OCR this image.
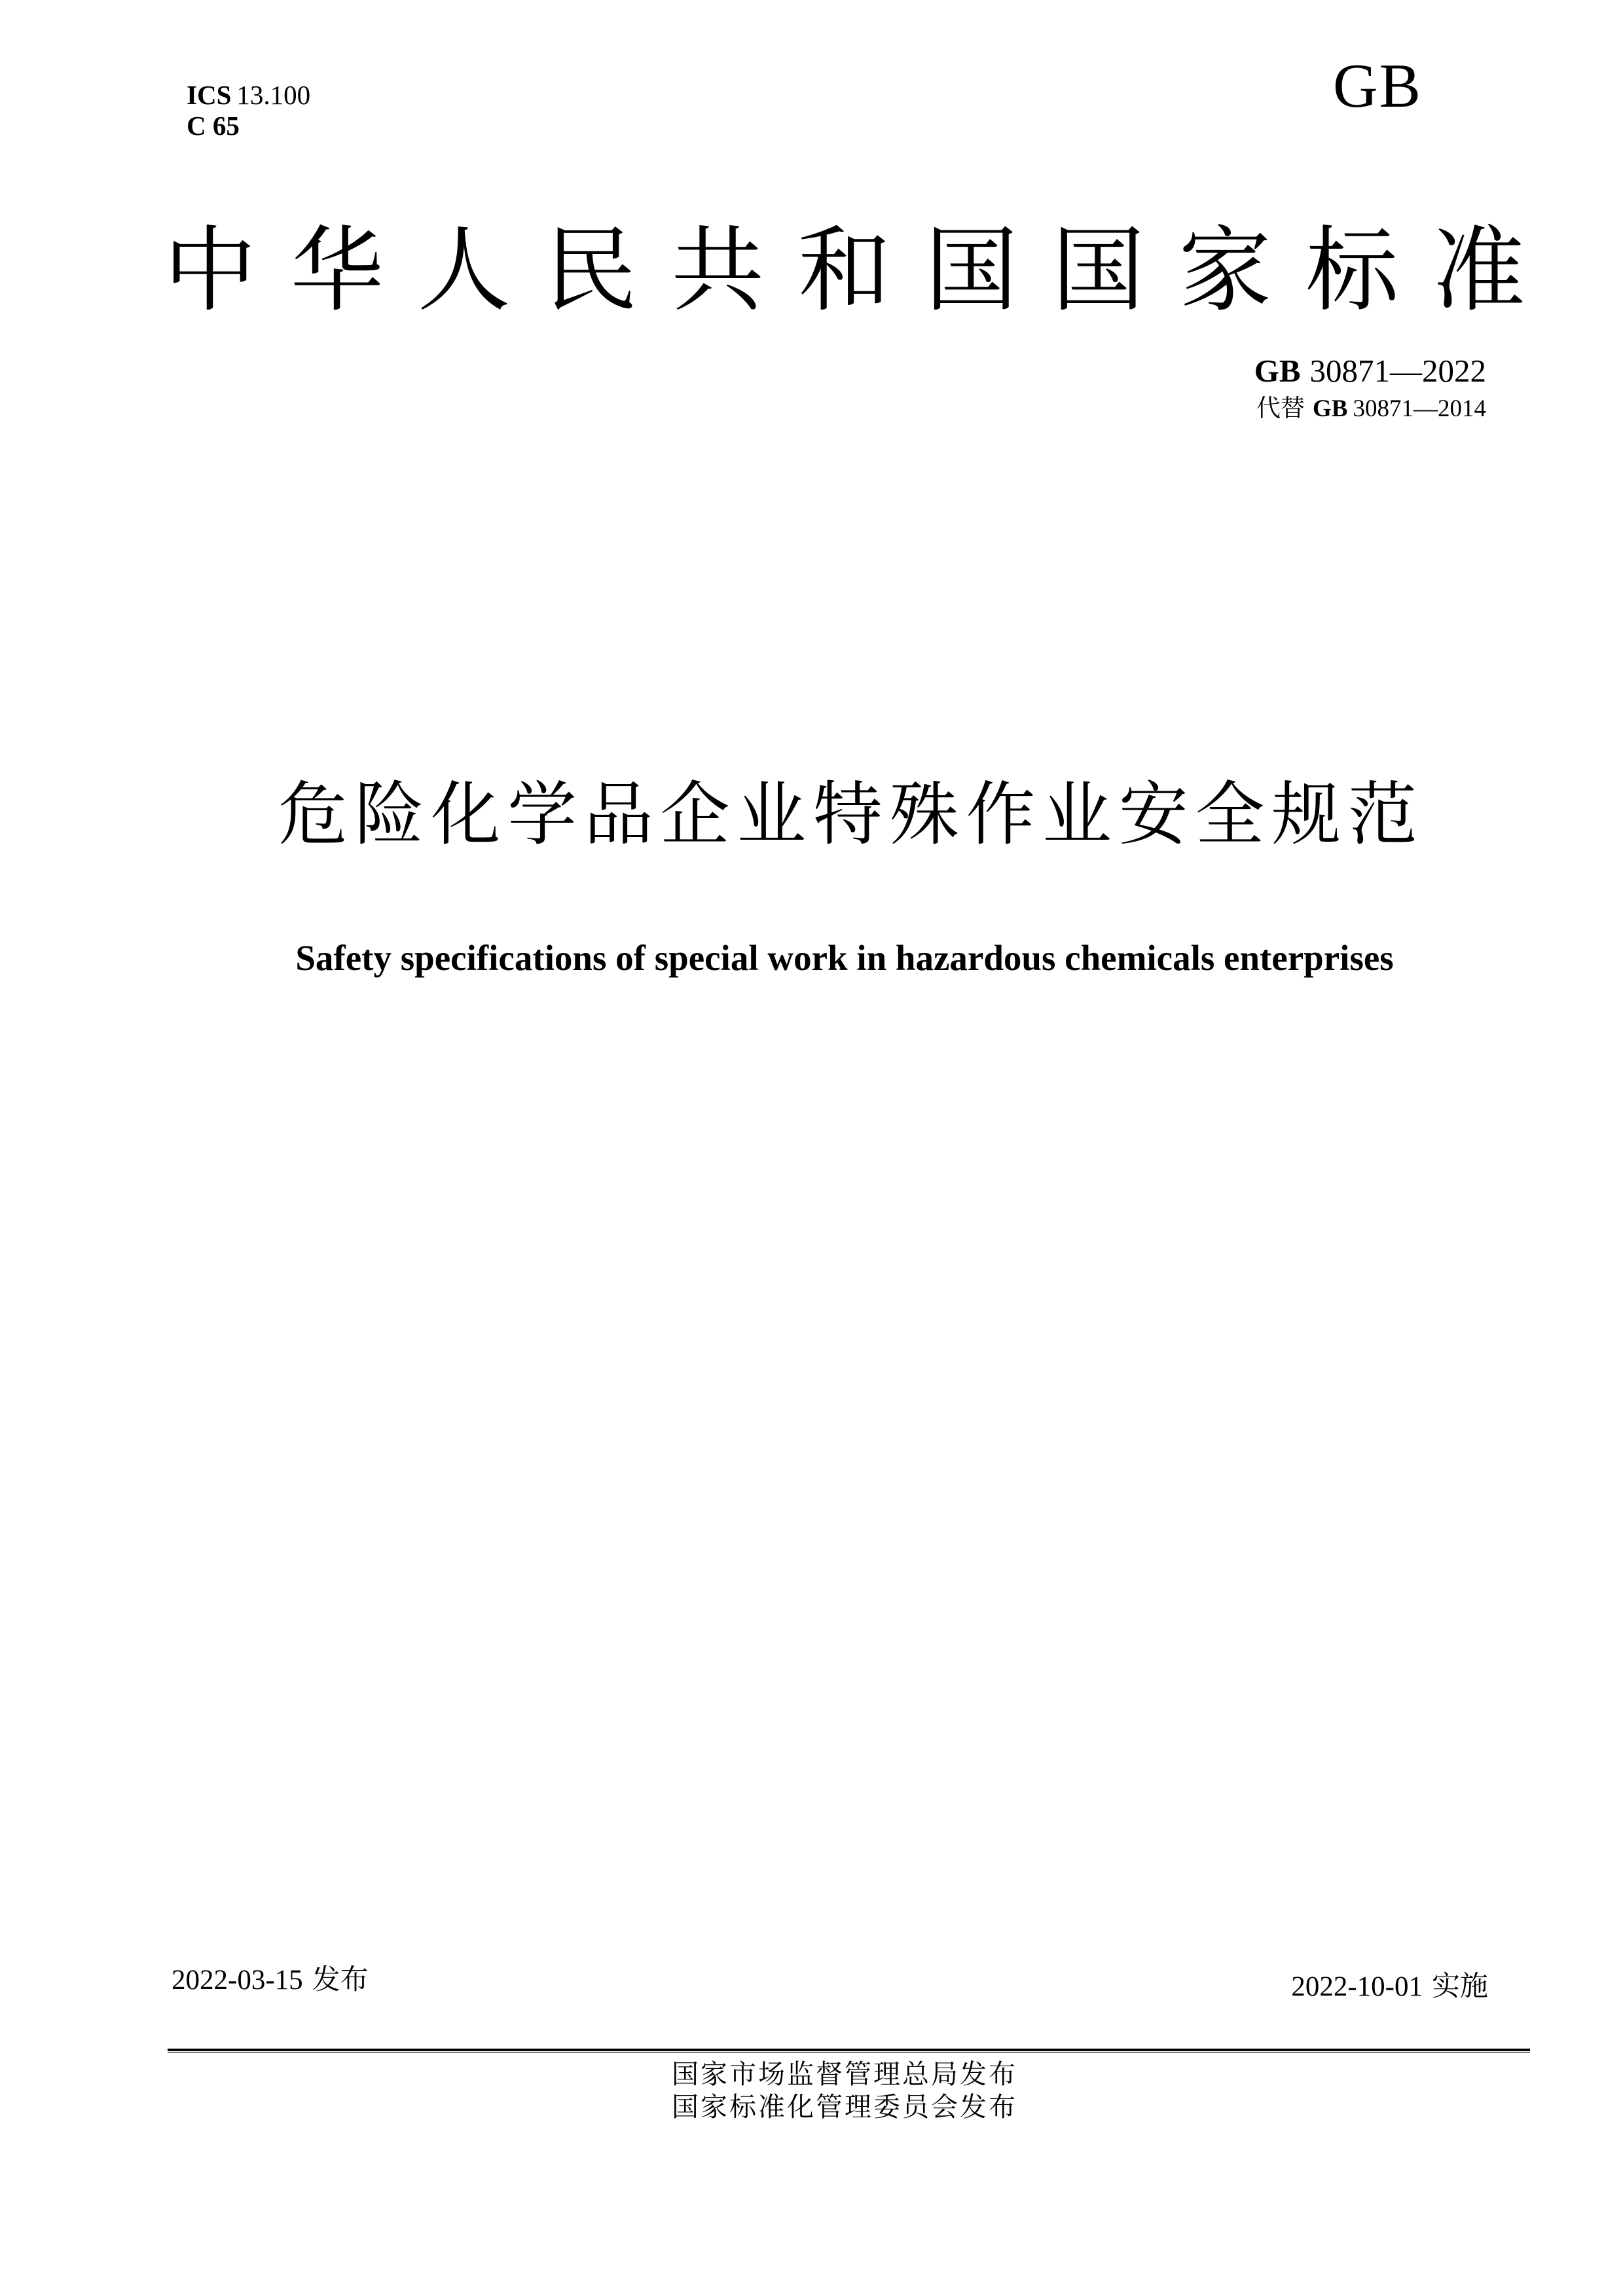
ICS 13.100
C 65
GB
中 华 人 民 共 和 国 国 家 标 准
GB 30871—2022
代替 GB 30871—2014
危 险 化 学 品 企 业 特 殊 作 业 安 全 规 范
Safety specifications of special work in hazardous chemicals enterprises
2022-03-15 发布	2022-10-01 实施
国家市场监督管理总局发布
国家标准化管理委员会发布
